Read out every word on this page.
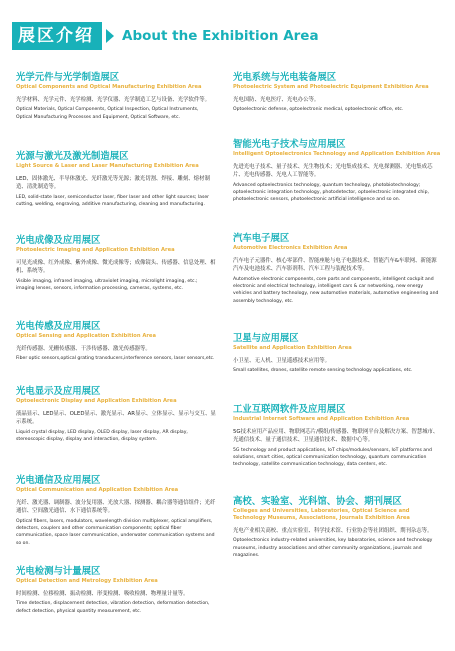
展区介绍 About the Exhibition Area
光学元件与光学制造展区
Optical Components and Optical Manufacturing Exhibition Area
光学材料、光学元件、光学检测、光学仪器、光学制造工艺与设备、光学软件等。
Optical Materials, Optical Components, Optical Inspection, Optical Instruments, Optical Manufacturing Processes and Equipment, Optical Software, etc.
光源与激光及激光制造展区
Light Source & Laser and Laser Manufacturing Exhibition Area
LED、固体激光、半导体激光、光纤激光等光源；激光切割、焊接、雕刻、熔材制造、清洗制造等。
LED, solid-state laser, semiconductor laser, fiber laser and other light sources; laser cutting, welding, engraving, additive manufacturing, cleaning and manufacturing.
光电成像及应用展区
Photoelectric Imaging and Application Exhibition Area
可见光成像、红外成像、紫外成像、微光成像等；成像镜头、传感器、信息处理、相机、系统等。
Visible imaging, infrared imaging, ultraviolet imaging, microlight imaging, etc.; imaging lenses, sensors, information processing, cameras, systems, etc.
光电传感及应用展区
Optical Sensing and Application Exhibition Area
光纤传感器、光栅传感器、干涉传感器、激光传感器等。
Fiber optic sensors,optical grating transducers,interference sensors, laser sensors,etc.
光电显示及应用展区
Optoelectronic Display and Application Exhibition Area
液晶显示、LED显示、OLED显示、激光显示、AR显示、立体显示、显示与交互、显示系统。
Liquid crystal display, LED display, OLED display, laser display, AR display, stereoscopic display, display and interaction, display system.
光电通信及应用展区
Optical Communication and Application Exhibition Area
光纤、激光器、调制器、波分复用器、光放大器、探测器、耦合器等通信组件；光纤通信、空间激光通信、水下通信系统等。
Optical fibers, lasers, modulators, wavelength division multiplexer, optical amplifiers, detectors, couplers and other communication components; optical fiber communication, space laser communication, underwater communication systems and so on.
光电检测与计量展区
Optical Detection and Metrology Exhibition Area
时间检测、位移检测、振动检测、形变检测、吸收检测、物理量计量等。
Time detection, displacement detection, vibration detection, deformation detection, defect detection, physical quantity measurement, etc.
光电系统与光电装备展区
Photoelectric System and Photoelectric Equipment Exhibition Area
光电国防、光电医疗、光电办公等。
Optoelectronic defense, optoelectronic medical, optoelectronic office, etc.
智能光电子技术与应用展区
Intelligent Optoelectronics Technology and Application Exhibition Area
先进光电子技术、量子技术、光生物技术；光电集成技术、光电探测器、光电集成芯片、光电传感器、光电人工智能等。
Advanced optoelectronics technology, quantum technology, photobiotechnology; optoelectronic integration technology, photodetector, optoelectronic integrated chip, photoelectronic sensors, photoelectronic artificial intelligence and so on.
汽车电子展区
Automotive Electronics Exhibition Area
汽车电子元器件、核心零部件、智能座舱与电子电器技术、智能汽车&车联网、新能源汽车及电池技术、汽车影剂科、汽车工程与装配技术等。
Automotive electronic components, core parts and components, intelligent cockpit and electronic and electrical technology, intelligent cars & car networking, new energy vehicles and battery technology, new automotive materials, automotive engineering and assembly technology, etc.
卫星与应用展区
Satellite and Application Exhibition Area
小卫星、无人机、卫星遥感技术应用等。
Small satellites, drones, satellite remote sensing technology applications, etc.
工业互联网软件及应用展区
Industrial Internet Software and Application Exhibition Area
5G技术应用产品应用、物联网芯片/模组/传感器、物联网平台及解决方案、智慧城市、光通信技术、量子通信技术、卫星通信技术、数据中心等。
5G technology and product applications, IoT chips/modules/sensors, IoT platforms and solutions, smart cities, optical communication technology, quantum communication technology, satellite communication technology, data centers, etc.
高校、实验室、光科馆、协会、期刊展区
Colleges and Universities, Laboratories, Optical Science and Technology Museums, Associations, Journals Exhibition Area
光电产业相关高校、重点实验室、科学技术馆、行业协会等社团组织、期刊杂志等。
Optoelectronics industry-related universities, key laboratories, science and technology museums, industry associations and other community organizations, journals and magazines.
